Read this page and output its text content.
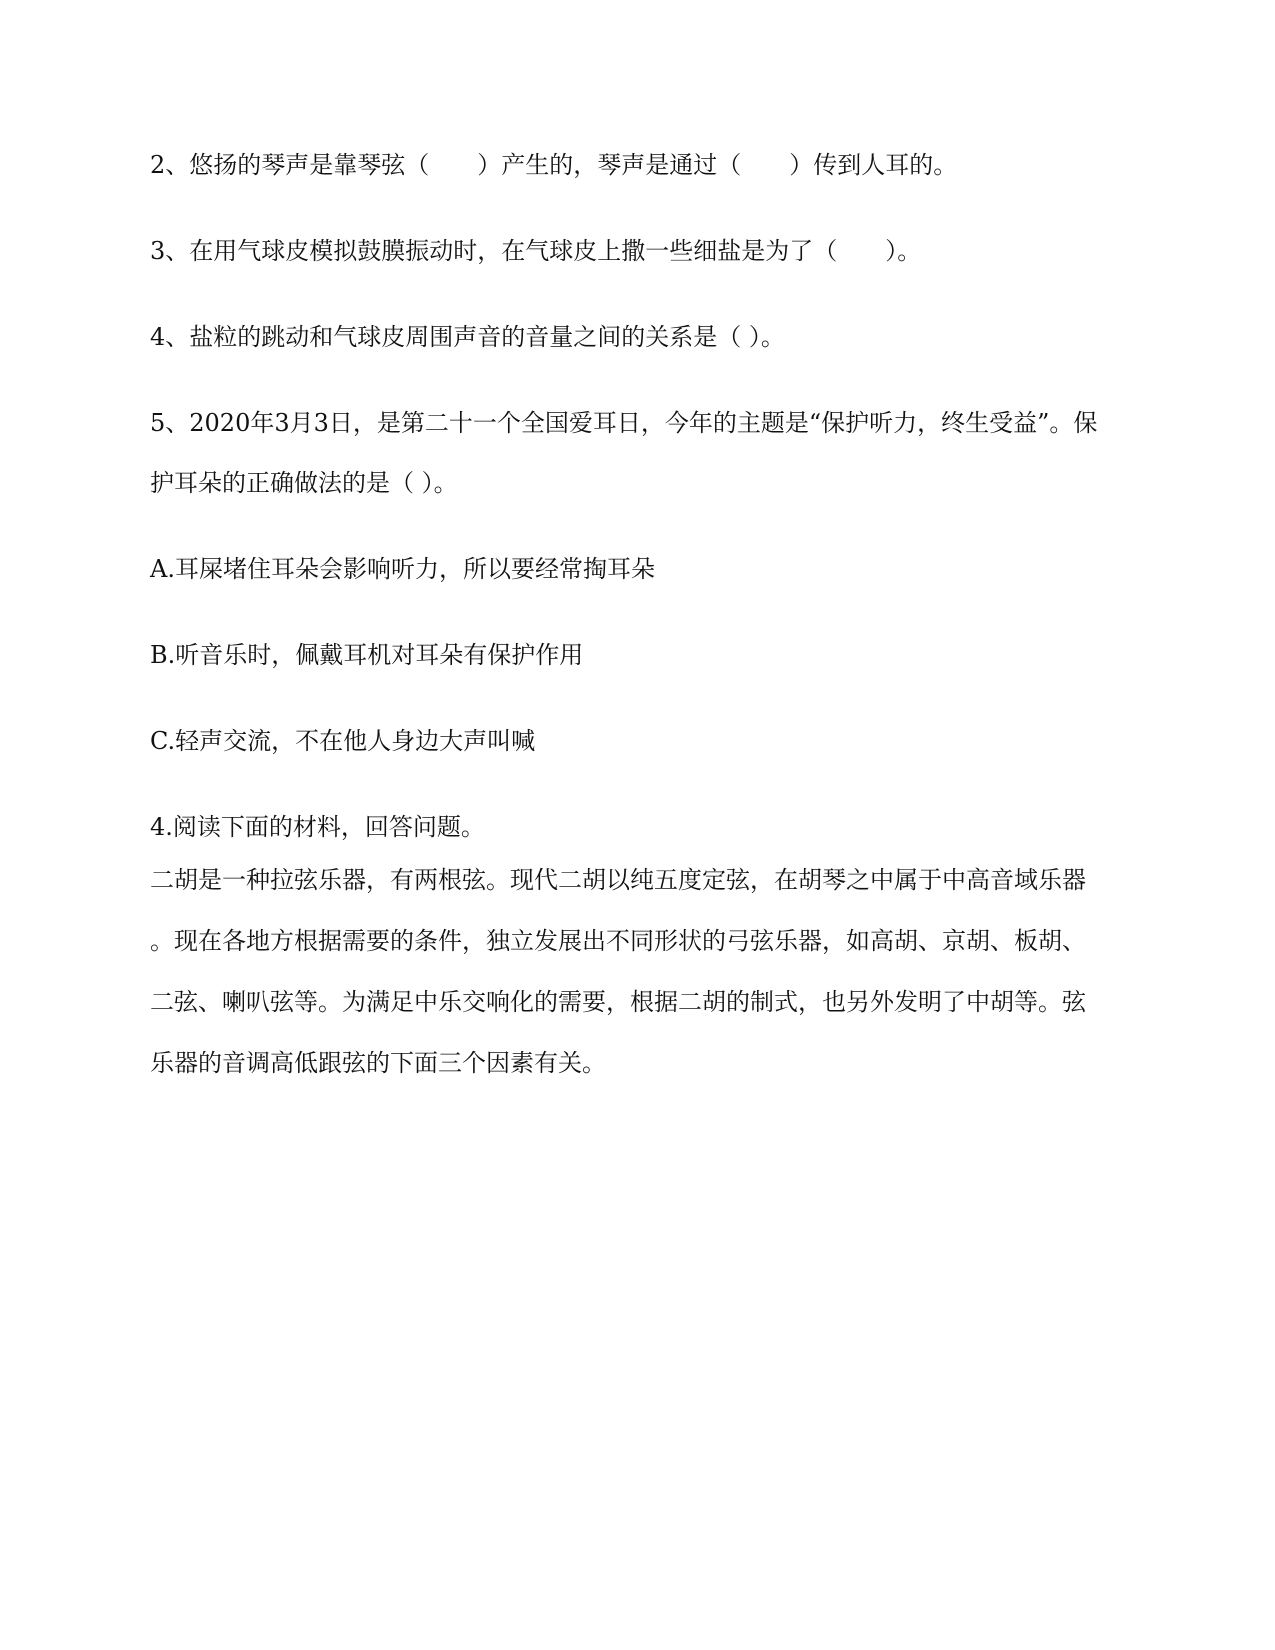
2、悠扬的琴声是靠琴弦（　　）产生的，琴声是通过（　　）传到人耳的。
3、在用气球皮模拟鼓膜振动时，在气球皮上撒一些细盐是为了（　　）。
4、盐粒的跳动和气球皮周围声音的音量之间的关系是（ ）。
5、2020年3月3日，是第二十一个全国爱耳日，今年的主题是“保护听力，终生受益”。保
护耳朵的正确做法的是（ ）。
A.耳屎堵住耳朵会影响听力，所以要经常掏耳朵
B.听音乐时，佩戴耳机对耳朵有保护作用
C.轻声交流，不在他人身边大声叫喊
4.阅读下面的材料，回答问题。
二胡是一种拉弦乐器，有两根弦。现代二胡以纯五度定弦，在胡琴之中属于中高音域乐器
。现在各地方根据需要的条件，独立发展出不同形状的弓弦乐器，如高胡、京胡、板胡、
二弦、喇叭弦等。为满足中乐交响化的需要，根据二胡的制式，也另外发明了中胡等。弦
乐器的音调高低跟弦的下面三个因素有关。
